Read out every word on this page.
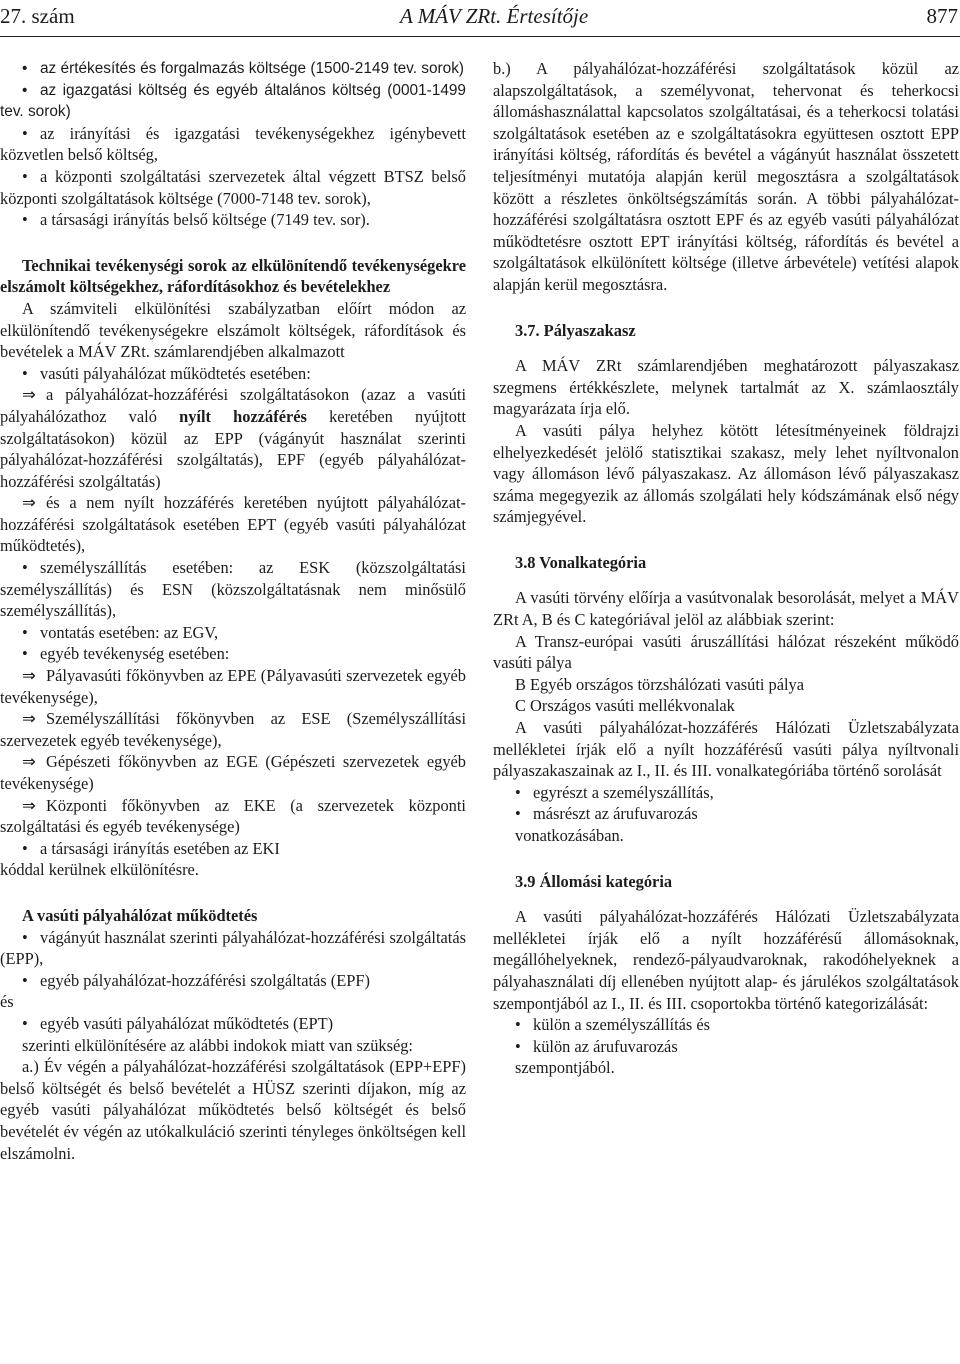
27. szám	A MÁV ZRt. Értesítője	877

• az értékesítés és forgalmazás költsége (1500-2149 tev. sorok)

• az igazgatási költség és egyéb általános költség (0001-1499 tev. sorok)

• az irányítási és igazgatási tevékenységekhez igénybevett közvetlen belső költség,

• a központi szolgáltatási szervezetek által végzett BTSZ belső központi szolgáltatások költsége (7000-7148 tev. sorok),

• a társasági irányítás belső költsége (7149 tev. sor).

Technikai tevékenységi sorok az elkülönítendő tevékenységekre elszámolt költségekhez, ráfordításokhoz és bevételekhez

A számviteli elkülönítési szabályzatban előírt módon az elkülönítendő tevékenységekre elszámolt költségek, ráfordítások és bevételek a MÁV ZRt. számlarendjében alkalmazott

• vasúti pályahálózat működtetés esetében:

⇒ a pályahálózat-hozzáférési szolgáltatásokon (azaz a vasúti pályahálózathoz való nyílt hozzáférés keretében nyújtott szolgáltatásokon) közül az EPP (vágányút használat szerinti pályahálózat-hozzáférési szolgáltatás), EPF (egyéb pályahálózat-hozzáférési szolgáltatás)

⇒ és a nem nyílt hozzáférés keretében nyújtott pályahálózat-hozzáférési szolgáltatások esetében EPT (egyéb vasúti pályahálózat működtetés),

• személyszállítás esetében: az ESK (közszolgáltatási személyszállítás) és ESN (közszolgáltatásnak nem minősülő személyszállítás),

• vontatás esetében: az EGV,

• egyéb tevékenység esetében:

⇒ Pályavasúti főkönyvben az EPE (Pályavasúti szervezetek egyéb tevékenysége),

⇒ Személyszállítási főkönyvben az ESE (Személyszállítási szervezetek egyéb tevékenysége),

⇒ Gépészeti főkönyvben az EGE (Gépészeti szervezetek egyéb tevékenysége)

⇒ Központi főkönyvben az EKE (a szervezetek központi szolgáltatási és egyéb tevékenysége)

• a társasági irányítás esetében az EKI

kóddal kerülnek elkülönítésre.

A vasúti pályahálózat működtetés

• vágányút használat szerinti pályahálózat-hozzáférési szolgáltatás (EPP),

• egyéb pályahálózat-hozzáférési szolgáltatás (EPF)

és

• egyéb vasúti pályahálózat működtetés (EPT)

szerinti elkülönítésére az alábbi indokok miatt van szükség:

a.) Év végén a pályahálózat-hozzáférési szolgáltatások (EPP+EPF) belső költségét és belső bevételét a HÜSZ szerinti díjakon, míg az egyéb vasúti pályahálózat működtetés belső költségét és belső bevételét év végén az utókalkuláció szerinti tényleges önköltségen kell elszámolni.

b.) A pályahálózat-hozzáférési szolgáltatások közül az alapszolgáltatások, a személyvonat, tehervonat és teherkocsi állomáshasználattal kapcsolatos szolgáltatásai, és a teherkocsi tolatási szolgáltatások esetében az e szolgáltatásokra együttesen osztott EPP irányítási költség, ráfordítás és bevétel a vágányút használat összetett teljesítményi mutatója alapján kerül megosztásra a szolgáltatások között a részletes önköltségszámítás során. A többi pályahálózat-hozzáférési szolgáltatásra osztott EPF és az egyéb vasúti pályahálózat működtetésre osztott EPT irányítási költség, ráfordítás és bevétel a szolgáltatások elkülönített költsége (illetve árbevétele) vetítési alapok alapján kerül megosztásra.

3.7. Pályaszakasz

A MÁV ZRt számlarendjében meghatározott pályaszakasz szegmens értékkészlete, melynek tartalmát az X. számlaosztály magyarázata írja elő.

A vasúti pálya helyhez kötött létesítményeinek földrajzi elhelyezkedését jelölő statisztikai szakasz, mely lehet nyíltvonalon vagy állomáson lévő pályaszakasz. Az állomáson lévő pályaszakasz száma megegyezik az állomás szolgálati hely kódszámának első négy számjegyével.

3.8 Vonalkategória

A vasúti törvény előírja a vasútvonalak besorolását, melyet a MÁV ZRt A, B és C kategóriával jelöl az alábbiak szerint:

A Transz-európai vasúti áruszállítási hálózat részeként működő vasúti pálya

B Egyéb országos törzshálózati vasúti pálya

C Országos vasúti mellékvonalak

A vasúti pályahálózat-hozzáférés Hálózati Üzletszabályzata mellékletei írják elő a nyílt hozzáférésű vasúti pálya nyíltvonali pályaszakaszainak az I., II. és III. vonalkategóriába történő sorolását

• egyrészt a személyszállítás,

• másrészt az árufuvarozás

vonatkozásában.

3.9 Állomási kategória

A vasúti pályahálózat-hozzáférés Hálózati Üzletszabályzata mellékletei írják elő a nyílt hozzáférésű állomásoknak, megállóhelyeknek, rendező-pályaudvaroknak, rakodóhelyeknek a pályahasználati díj ellenében nyújtott alap- és járulékos szolgáltatások szempontjából az I., II. és III. csoportokba történő kategorizálását:

• külön a személyszállítás és

• külön az árufuvarozás

szempontjából.
